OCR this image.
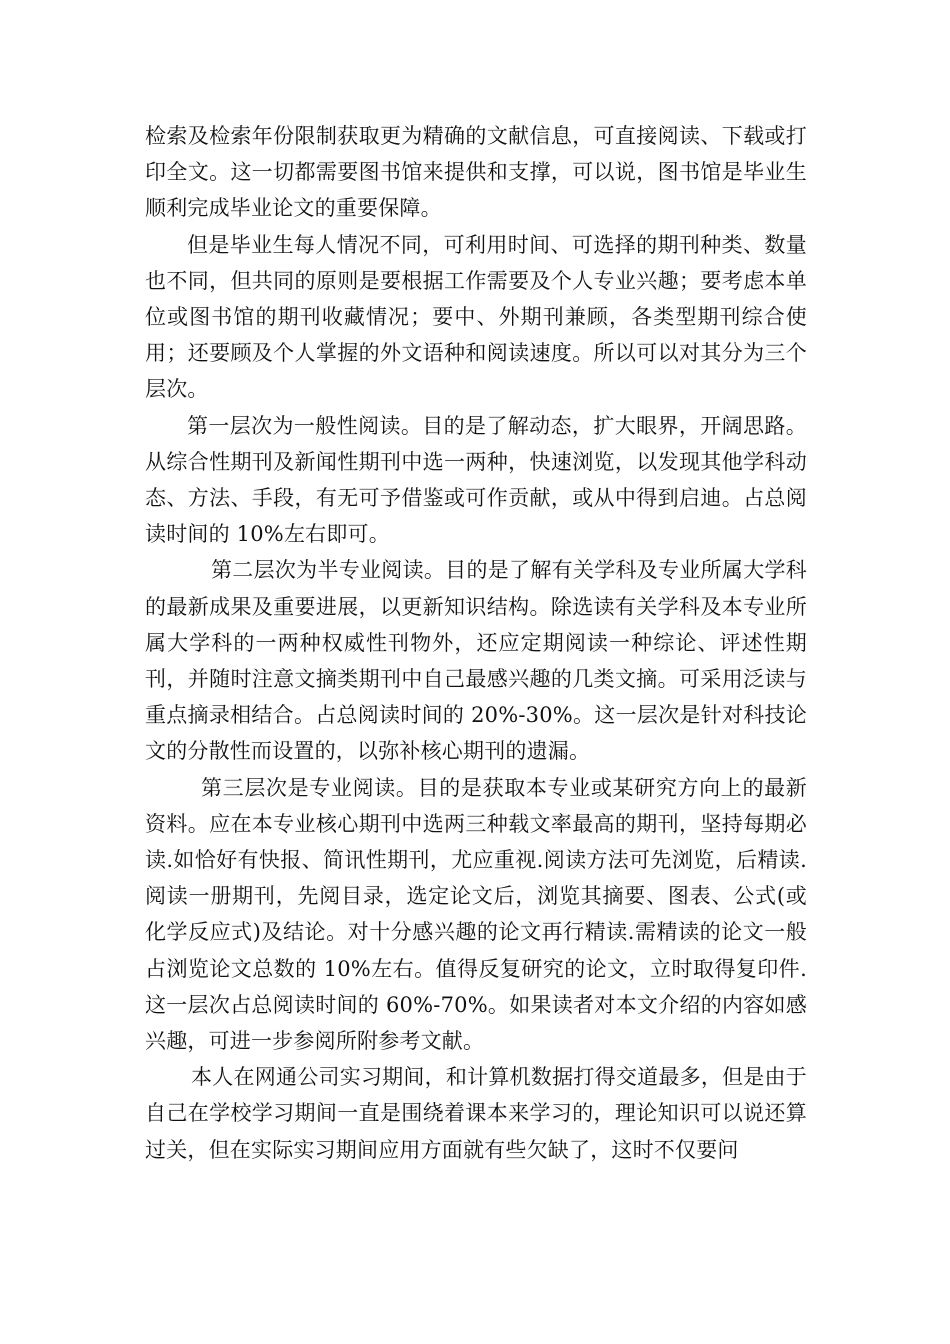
检索及检索年份限制获取更为精确的文献信息，可直接阅读、下载或打印全文。这一切都需要图书馆来提供和支撑，可以说，图书馆是毕业生顺利完成毕业论文的重要保障。

但是毕业生每人情况不同，可利用时间、可选择的期刊种类、数量也不同，但共同的原则是要根据工作需要及个人专业兴趣；要考虑本单位或图书馆的期刊收藏情况；要中、外期刊兼顾，各类型期刊综合使用；还要顾及个人掌握的外文语种和阅读速度。所以可以对其分为三个层次。

第一层次为一般性阅读。目的是了解动态，扩大眼界，开阔思路。从综合性期刊及新闻性期刊中选一两种，快速浏览，以发现其他学科动态、方法、手段，有无可予借鉴或可作贡献，或从中得到启迪。占总阅读时间的 10%左右即可。

第二层次为半专业阅读。目的是了解有关学科及专业所属大学科的最新成果及重要进展，以更新知识结构。除选读有关学科及本专业所属大学科的一两种权威性刊物外，还应定期阅读一种综论、评述性期刊，并随时注意文摘类期刊中自己最感兴趣的几类文摘。可采用泛读与重点摘录相结合。占总阅读时间的 20%-30%。这一层次是针对科技论文的分散性而设置的，以弥补核心期刊的遗漏。

第三层次是专业阅读。目的是获取本专业或某研究方向上的最新资料。应在本专业核心期刊中选两三种载文率最高的期刊，坚持每期必读.如恰好有快报、简讯性期刊，尤应重视.阅读方法可先浏览，后精读.阅读一册期刊，先阅目录，选定论文后，浏览其摘要、图表、公式(或化学反应式)及结论。对十分感兴趣的论文再行精读.需精读的论文一般占浏览论文总数的 10%左右。值得反复研究的论文，立时取得复印件.这一层次占总阅读时间的 60%-70%。如果读者对本文介绍的内容如感兴趣，可进一步参阅所附参考文献。

本人在网通公司实习期间，和计算机数据打得交道最多，但是由于自己在学校学习期间一直是围绕着课本来学习的，理论知识可以说还算过关，但在实际实习期间应用方面就有些欠缺了，这时不仅要问
